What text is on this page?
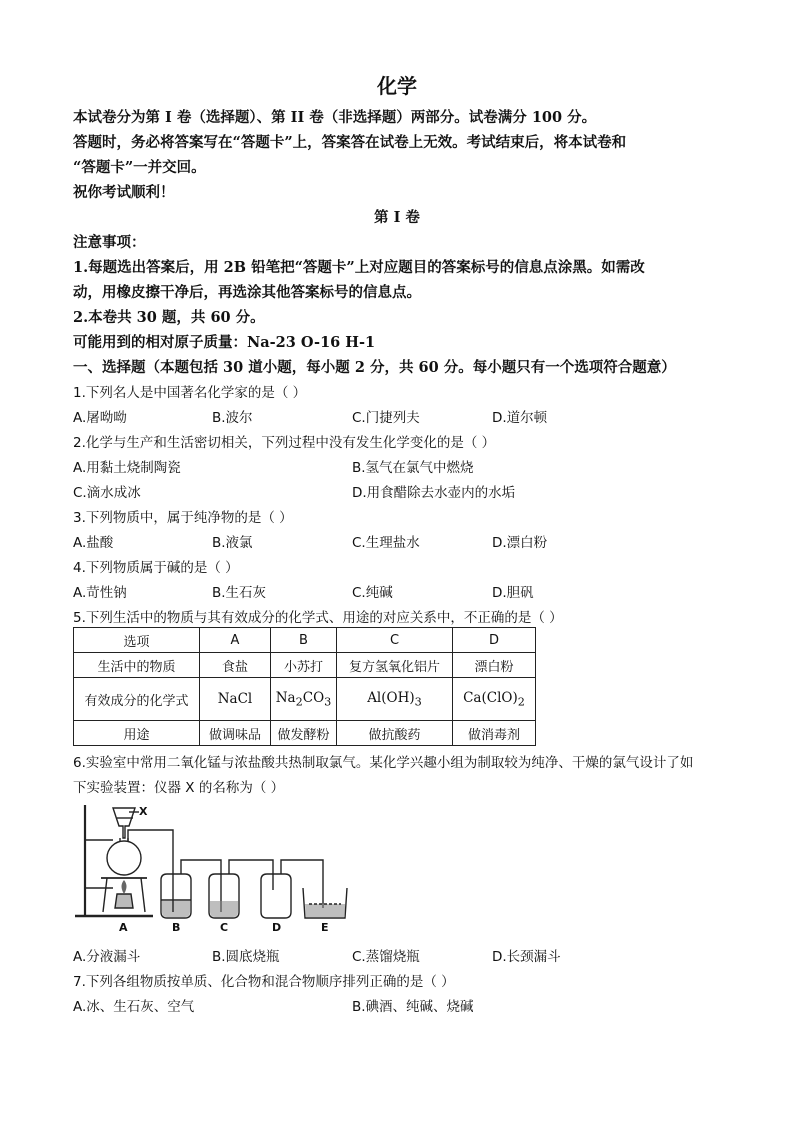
化学
本试卷分为第 I 卷（选择题）、第 II 卷（非选择题）两部分。试卷满分 100 分。
答题时，务必将答案写在“答题卡”上，答案答在试卷上无效。考试结束后，将本试卷和
“答题卡”一并交回。
祝你考试顺利！
第 I 卷
注意事项：
1.每题选出答案后，用 2B 铅笔把“答题卡”上对应题目的答案标号的信息点涂黑。如需改
动，用橡皮擦干净后，再选涂其他答案标号的信息点。
2.本卷共 30 题，共 60 分。
可能用到的相对原子质量：Na-23 O-16 H-1
一、选择题（本题包括 30 道小题，每小题 2 分，共 60 分。每小题只有一个选项符合题意）
1.下列名人是中国著名化学家的是（ ）
A.屠呦呦	B.波尔	C.门捷列夫	D.道尔顿
2.化学与生产和生活密切相关，下列过程中没有发生化学变化的是（ ）
A.用黏土烧制陶瓷	B.氢气在氯气中燃烧
C.滴水成冰	D.用食醋除去水壶内的水垢
3.下列物质中，属于纯净物的是（ ）
A.盐酸	B.液氯	C.生理盐水	D.漂白粉
4.下列物质属于碱的是（ ）
A.苛性钠	B.生石灰	C.纯碱	D.胆矾
5.下列生活中的物质与其有效成分的化学式、用途的对应关系中，不正确的是（ ）
选项	A	B	C	D
生活中的物质	食盐	小苏打	复方氢氧化铝片	漂白粉
有效成分的化学式	NaCl	$Na_2CO_3$	$Al(OH)_3$	$Ca(ClO)_2$
用途	做调味品	做发酵粉	做抗酸药	做消毒剂
6.实验室中常用二氧化锰与浓盐酸共热制取氯气。某化学兴趣小组为制取较为纯净、干燥的氯气设计了如
下实验装置：仪器 X 的名称为（ ）
X
A	B	C	D	E
A.分液漏斗	B.圆底烧瓶	C.蒸馏烧瓶	D.长颈漏斗
7.下列各组物质按单质、化合物和混合物顺序排列正确的是（ ）
A.冰、生石灰、空气	B.碘酒、纯碱、烧碱
